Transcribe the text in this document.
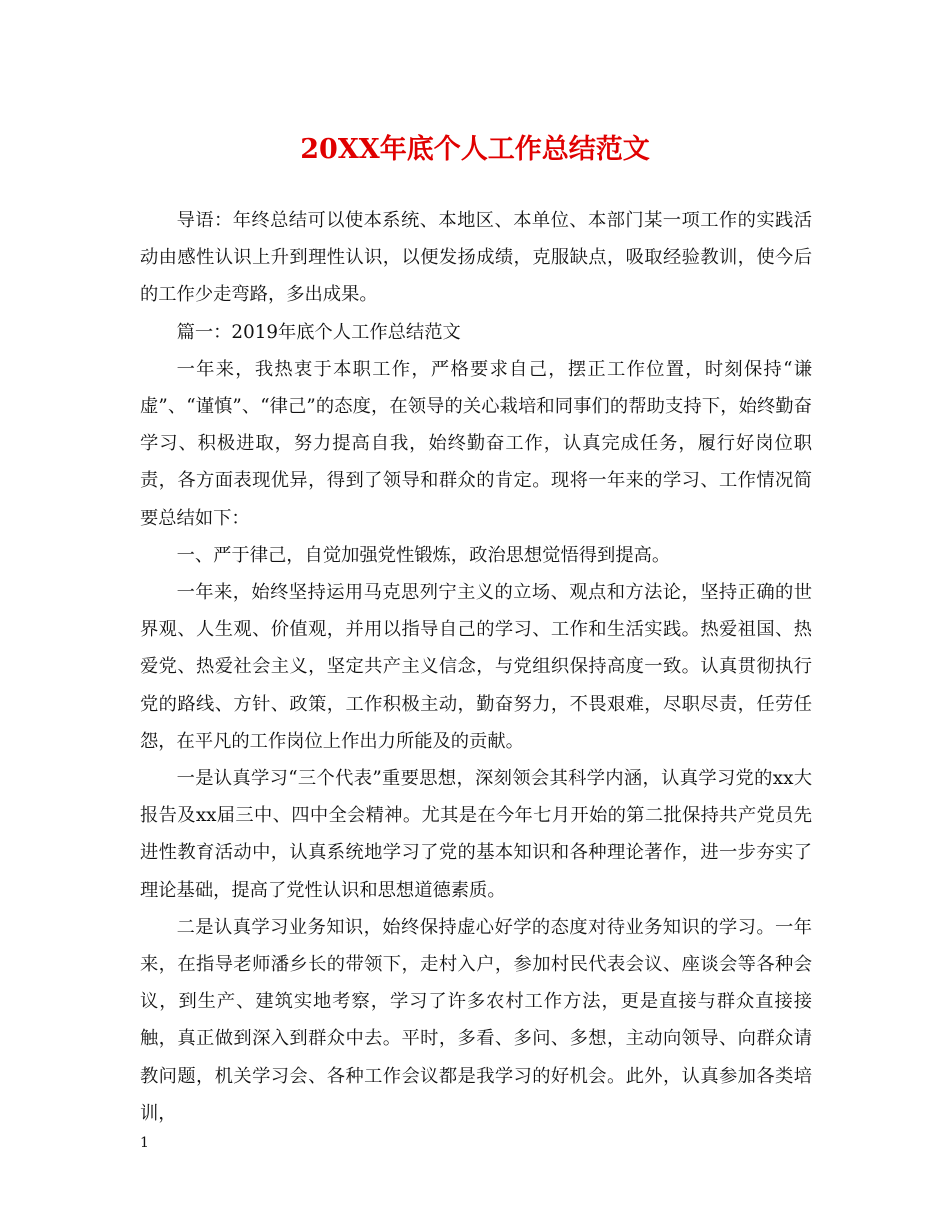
20XX年底个人工作总结范文

导语：年终总结可以使本系统、本地区、本单位、本部门某一项工作的实践活动由感性认识上升到理性认识，以便发扬成绩，克服缺点，吸取经验教训，使今后的工作少走弯路，多出成果。

篇一：2019年底个人工作总结范文

一年来，我热衷于本职工作，严格要求自己，摆正工作位置，时刻保持“谦虚”、“谨慎”、“律己”的态度，在领导的关心栽培和同事们的帮助支持下，始终勤奋学习、积极进取，努力提高自我，始终勤奋工作，认真完成任务，履行好岗位职责，各方面表现优异，得到了领导和群众的肯定。现将一年来的学习、工作情况简要总结如下：

一、严于律己，自觉加强党性锻炼，政治思想觉悟得到提高。

一年来，始终坚持运用马克思列宁主义的立场、观点和方法论，坚持正确的世界观、人生观、价值观，并用以指导自己的学习、工作和生活实践。热爱祖国、热爱党、热爱社会主义，坚定共产主义信念，与党组织保持高度一致。认真贯彻执行党的路线、方针、政策，工作积极主动，勤奋努力，不畏艰难，尽职尽责，任劳任怨，在平凡的工作岗位上作出力所能及的贡献。

一是认真学习“三个代表”重要思想，深刻领会其科学内涵，认真学习党的xx大报告及xx届三中、四中全会精神。尤其是在今年七月开始的第二批保持共产党员先进性教育活动中，认真系统地学习了党的基本知识和各种理论著作，进一步夯实了理论基础，提高了党性认识和思想道德素质。

二是认真学习业务知识，始终保持虚心好学的态度对待业务知识的学习。一年来，在指导老师潘乡长的带领下，走村入户，参加村民代表会议、座谈会等各种会议，到生产、建筑实地考察，学习了许多农村工作方法，更是直接与群众直接接触，真正做到深入到群众中去。平时，多看、多问、多想，主动向领导、向群众请教问题，机关学习会、各种工作会议都是我学习的好机会。此外，认真参加各类培训，

1
